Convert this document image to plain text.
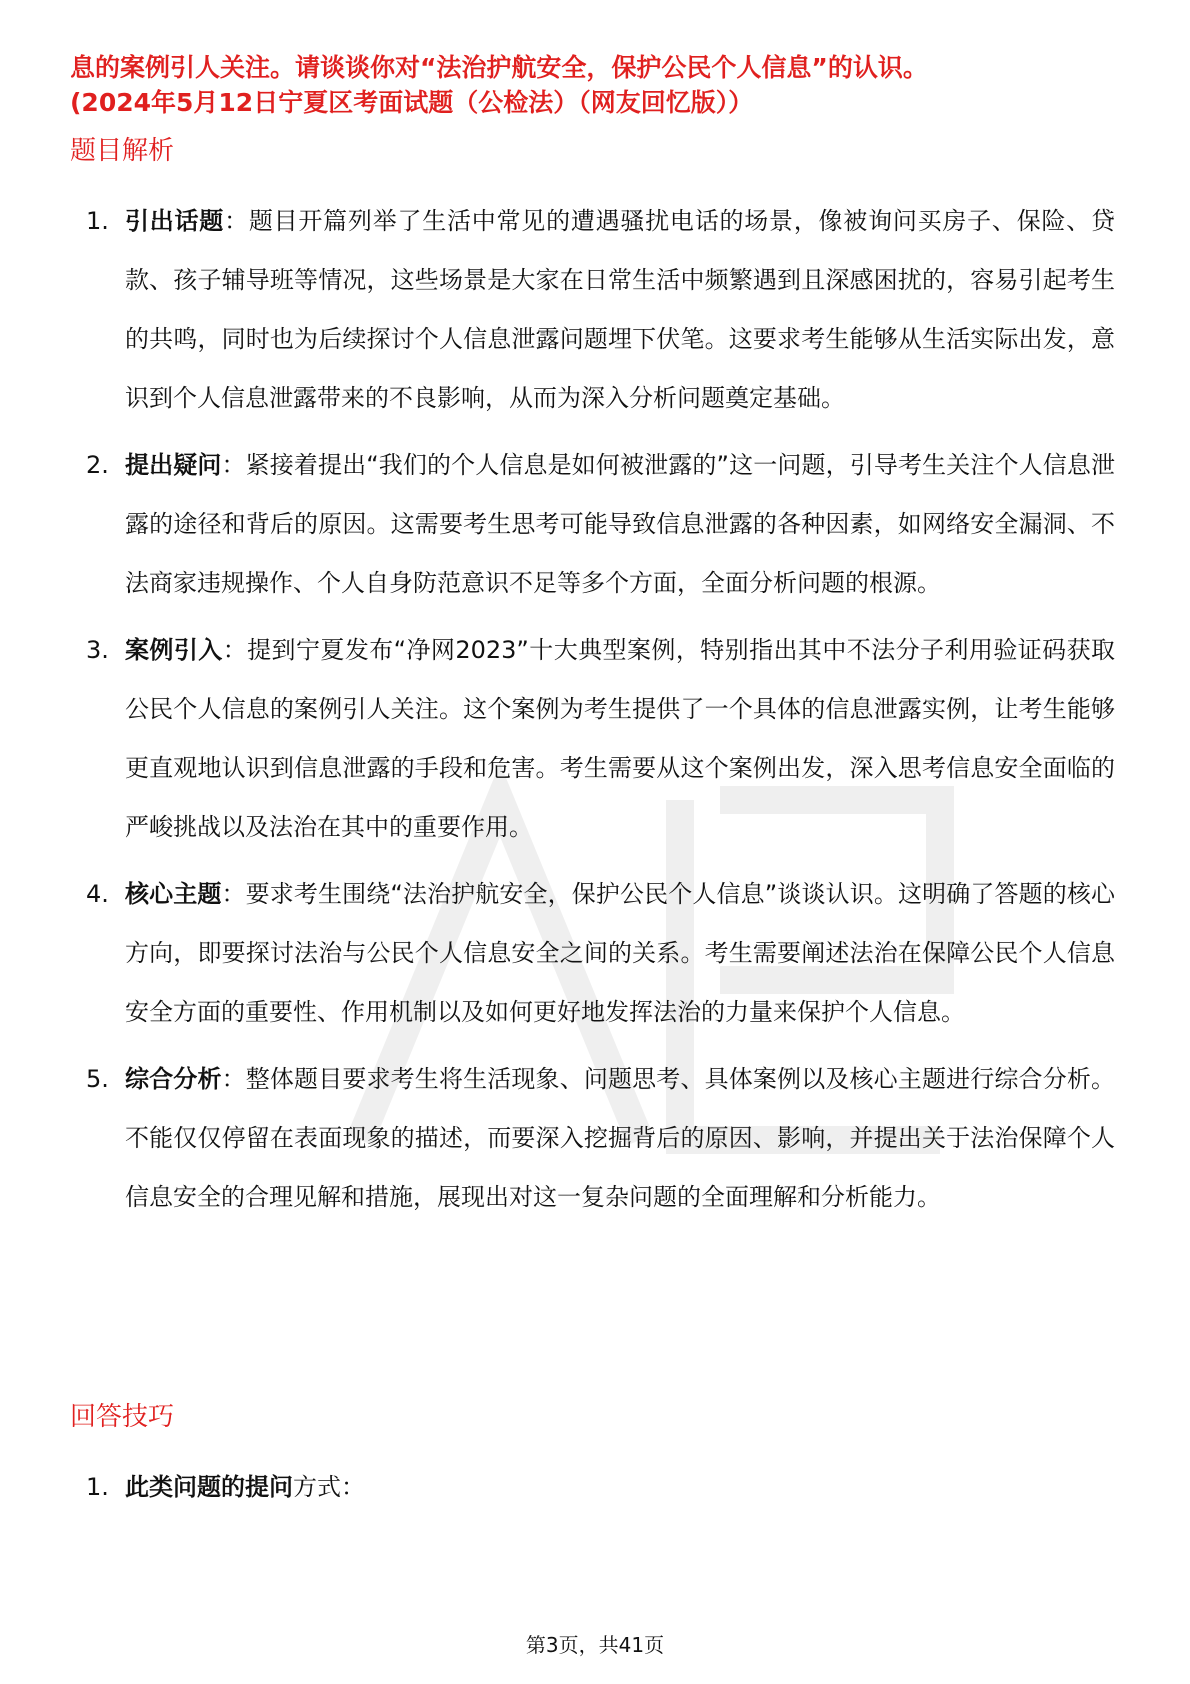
息的案例引人关注。请谈谈你对“法治护航安全，保护公民个人信息”的认识。
(2024年5月12日宁夏区考面试题（公检法）（网友回忆版））
题目解析
1. 引出话题：题目开篇列举了生活中常见的遭遇骚扰电话的场景，像被询问买房子、保险、贷款、孩子辅导班等情况，这些场景是大家在日常生活中频繁遇到且深感困扰的，容易引起考生的共鸣，同时也为后续探讨个人信息泄露问题埋下伏笔。这要求考生能够从生活实际出发，意识到个人信息泄露带来的不良影响，从而为深入分析问题奠定基础。
2. 提出疑问：紧接着提出“我们的个人信息是如何被泄露的”这一问题，引导考生关注个人信息泄露的途径和背后的原因。这需要考生思考可能导致信息泄露的各种因素，如网络安全漏洞、不法商家违规操作、个人自身防范意识不足等多个方面，全面分析问题的根源。
3. 案例引入：提到宁夏发布“净网2023”十大典型案例，特别指出其中不法分子利用验证码获取公民个人信息的案例引人关注。这个案例为考生提供了一个具体的信息泄露实例，让考生能够更直观地认识到信息泄露的手段和危害。考生需要从这个案例出发，深入思考信息安全面临的严峻挑战以及法治在其中的重要作用。
4. 核心主题：要求考生围绕“法治护航安全，保护公民个人信息”谈谈认识。这明确了答题的核心方向，即要探讨法治与公民个人信息安全之间的关系。考生需要阐述法治在保障公民个人信息安全方面的重要性、作用机制以及如何更好地发挥法治的力量来保护个人信息。
5. 综合分析：整体题目要求考生将生活现象、问题思考、具体案例以及核心主题进行综合分析。不能仅仅停留在表面现象的描述，而要深入挖掘背后的原因、影响，并提出关于法治保障个人信息安全的合理见解和措施，展现出对这一复杂问题的全面理解和分析能力。
回答技巧
1. 此类问题的提问方式：
第3页，共41页
